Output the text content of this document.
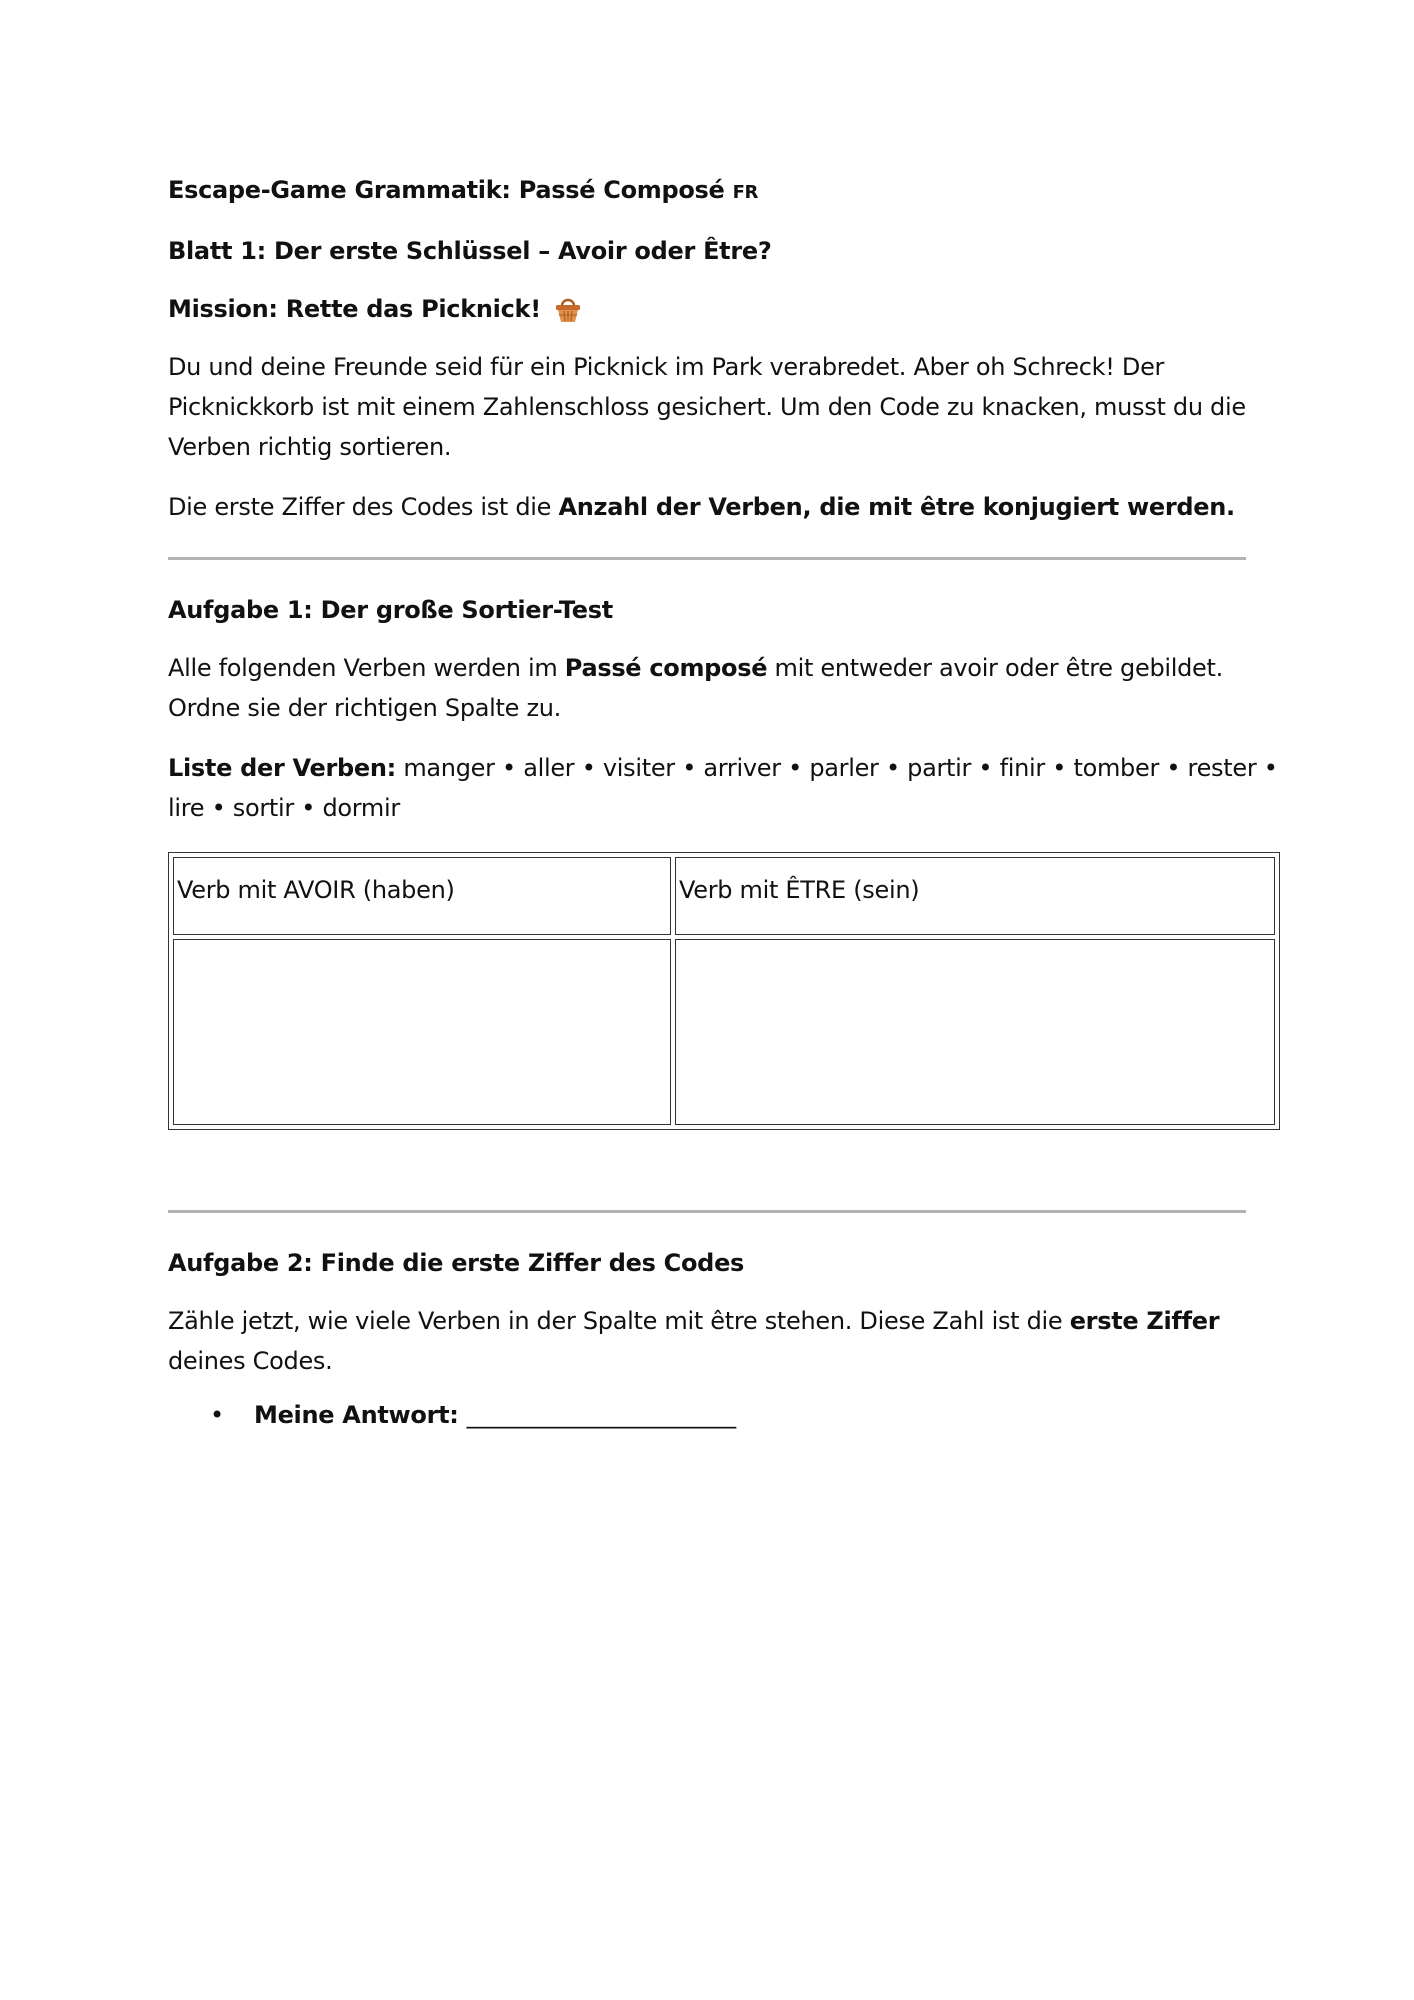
Escape-Game Grammatik: Passé Composé FR

Blatt 1: Der erste Schlüssel – Avoir oder Être?

Mission: Rette das Picknick!

Du und deine Freunde seid für ein Picknick im Park verabredet. Aber oh Schreck! Der Picknickkorb ist mit einem Zahlenschloss gesichert. Um den Code zu knacken, musst du die Verben richtig sortieren.

Die erste Ziffer des Codes ist die Anzahl der Verben, die mit être konjugiert werden.

Aufgabe 1: Der große Sortier-Test

Alle folgenden Verben werden im Passé composé mit entweder avoir oder être gebildet. Ordne sie der richtigen Spalte zu.

Liste der Verben: manger • aller • visiter • arriver • parler • partir • finir • tomber • rester • lire • sortir • dormir

Verb mit AVOIR (haben)	Verb mit ÊTRE (sein)

Aufgabe 2: Finde die erste Ziffer des Codes

Zähle jetzt, wie viele Verben in der Spalte mit être stehen. Diese Zahl ist die erste Ziffer deines Codes.

• Meine Antwort: _______________________
